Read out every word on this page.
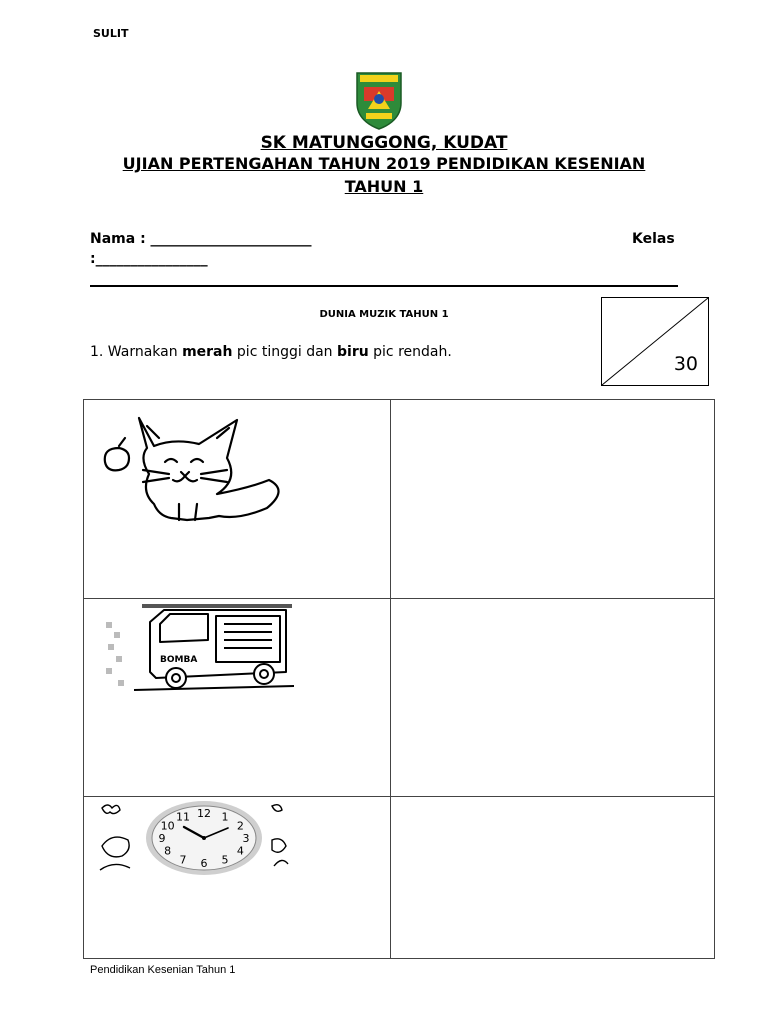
SULIT
SK MATUNGGONG, KUDAT
UJIAN PERTENGAHAN TAHUN 2019 PENDIDIKAN KESENIAN
TAHUN 1
Nama : _______________________	Kelas
:________________
DUNIA MUZIK TAHUN 1
1. Warnakan merah pic tinggi dan biru pic rendah.
30
BOMBA
12 1
2
3
4
5
6
7
8
9
10
11
Pendidikan Kesenian Tahun 1
